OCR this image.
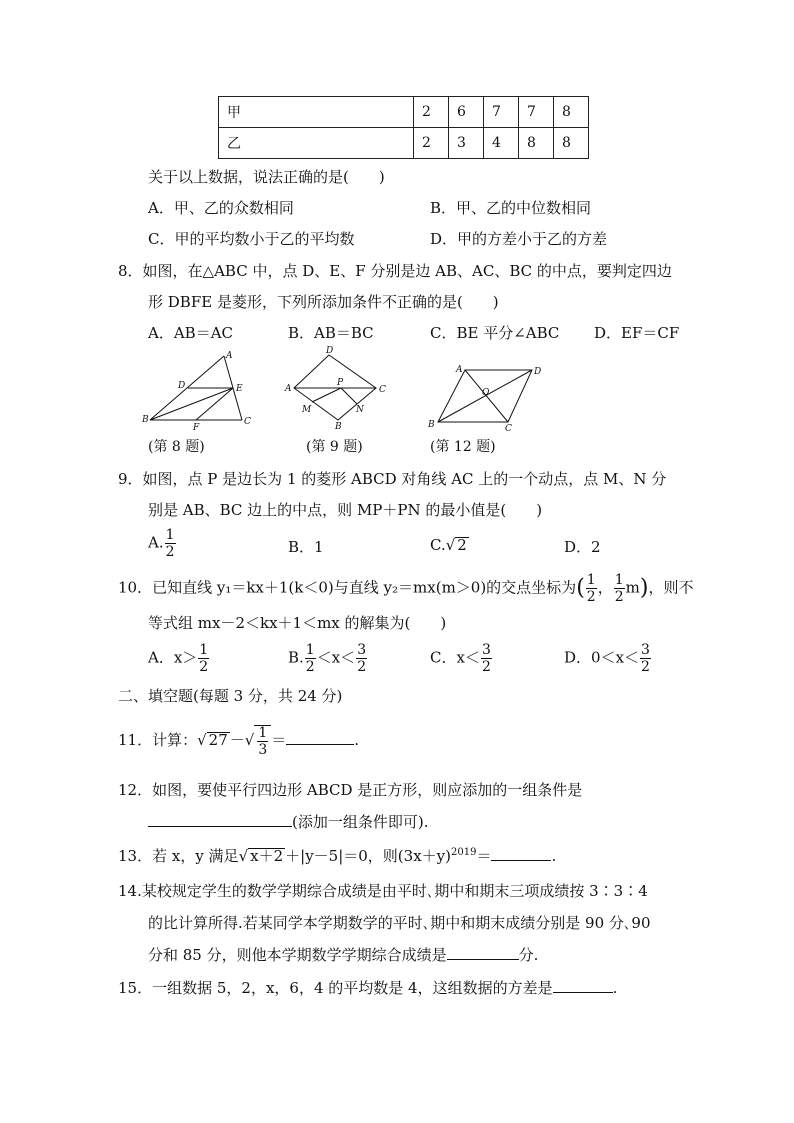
甲	2	6	7	7	8
乙	2	3	4	8	8
关于以上数据，说法正确的是(　　)
A．甲、乙的众数相同	B．甲、乙的中位数相同
C．甲的平均数小于乙的平均数	D．甲的方差小于乙的方差
8．如图，在△ABC 中，点 D、E、F 分别是边 AB、AC、BC 的中点，要判定四边
形 DBFE 是菱形，下列所添加条件不正确的是(　　)
A．AB＝AC	B．AB＝BC	C．BE 平分∠ABC D．EF＝CF
A
D	E
B
F
C
(第 8 题)
D
A
P
C
M	N
B
(第 9 题)
A	D
O
B	C
(第 12 题)
9．如图，点 P 是边长为 1 的菱形 ABCD 对角线 AC 上的一个动点，点 M、N 分
别是 AB、BC 边上的中点，则 MP＋PN 的最小值是(　　)
A. $\frac{1}{2}$	B．1	C.√ 2	D．2
10．已知直线 y₁＝kx＋1(k＜0)与直线 y₂＝mx(m＞0)的交点坐标为( $\frac{1}{2}$ ， $\frac{1}{2} m$)，则不
等式组 mx－2＜kx＋1＜mx 的解集为(　　)
A．$x> \frac{1}{2}$	B. $\frac{1}{2} <x< \frac{3}{2}$	C．$x< \frac{3}{2}$	D．$0<x< \frac{3}{2}$
二、填空题(每题 3 分，共 24 分)
11．计算：√ 27 －√ $\frac{1}{3}$ ＝	.
12．如图，要使平行四边形 ABCD 是正方形，则应添加的一组条件是
(添加一组条件即可).
13．若 x，y 满足√ x＋2 ＋|y－5|＝0，则$(3x+y)^{2019}=$	.
14.某校规定学生的数学学期综合成绩是由平时､期中和期末三项成绩按 3∶3∶4
的比计算所得.若某同学本学期数学的平时､期中和期末成绩分别是 90 分､90
分和 85 分，则他本学期数学学期综合成绩是	分.
15．一组数据 5，2，x，6，4 的平均数是 4，这组数据的方差是	.
